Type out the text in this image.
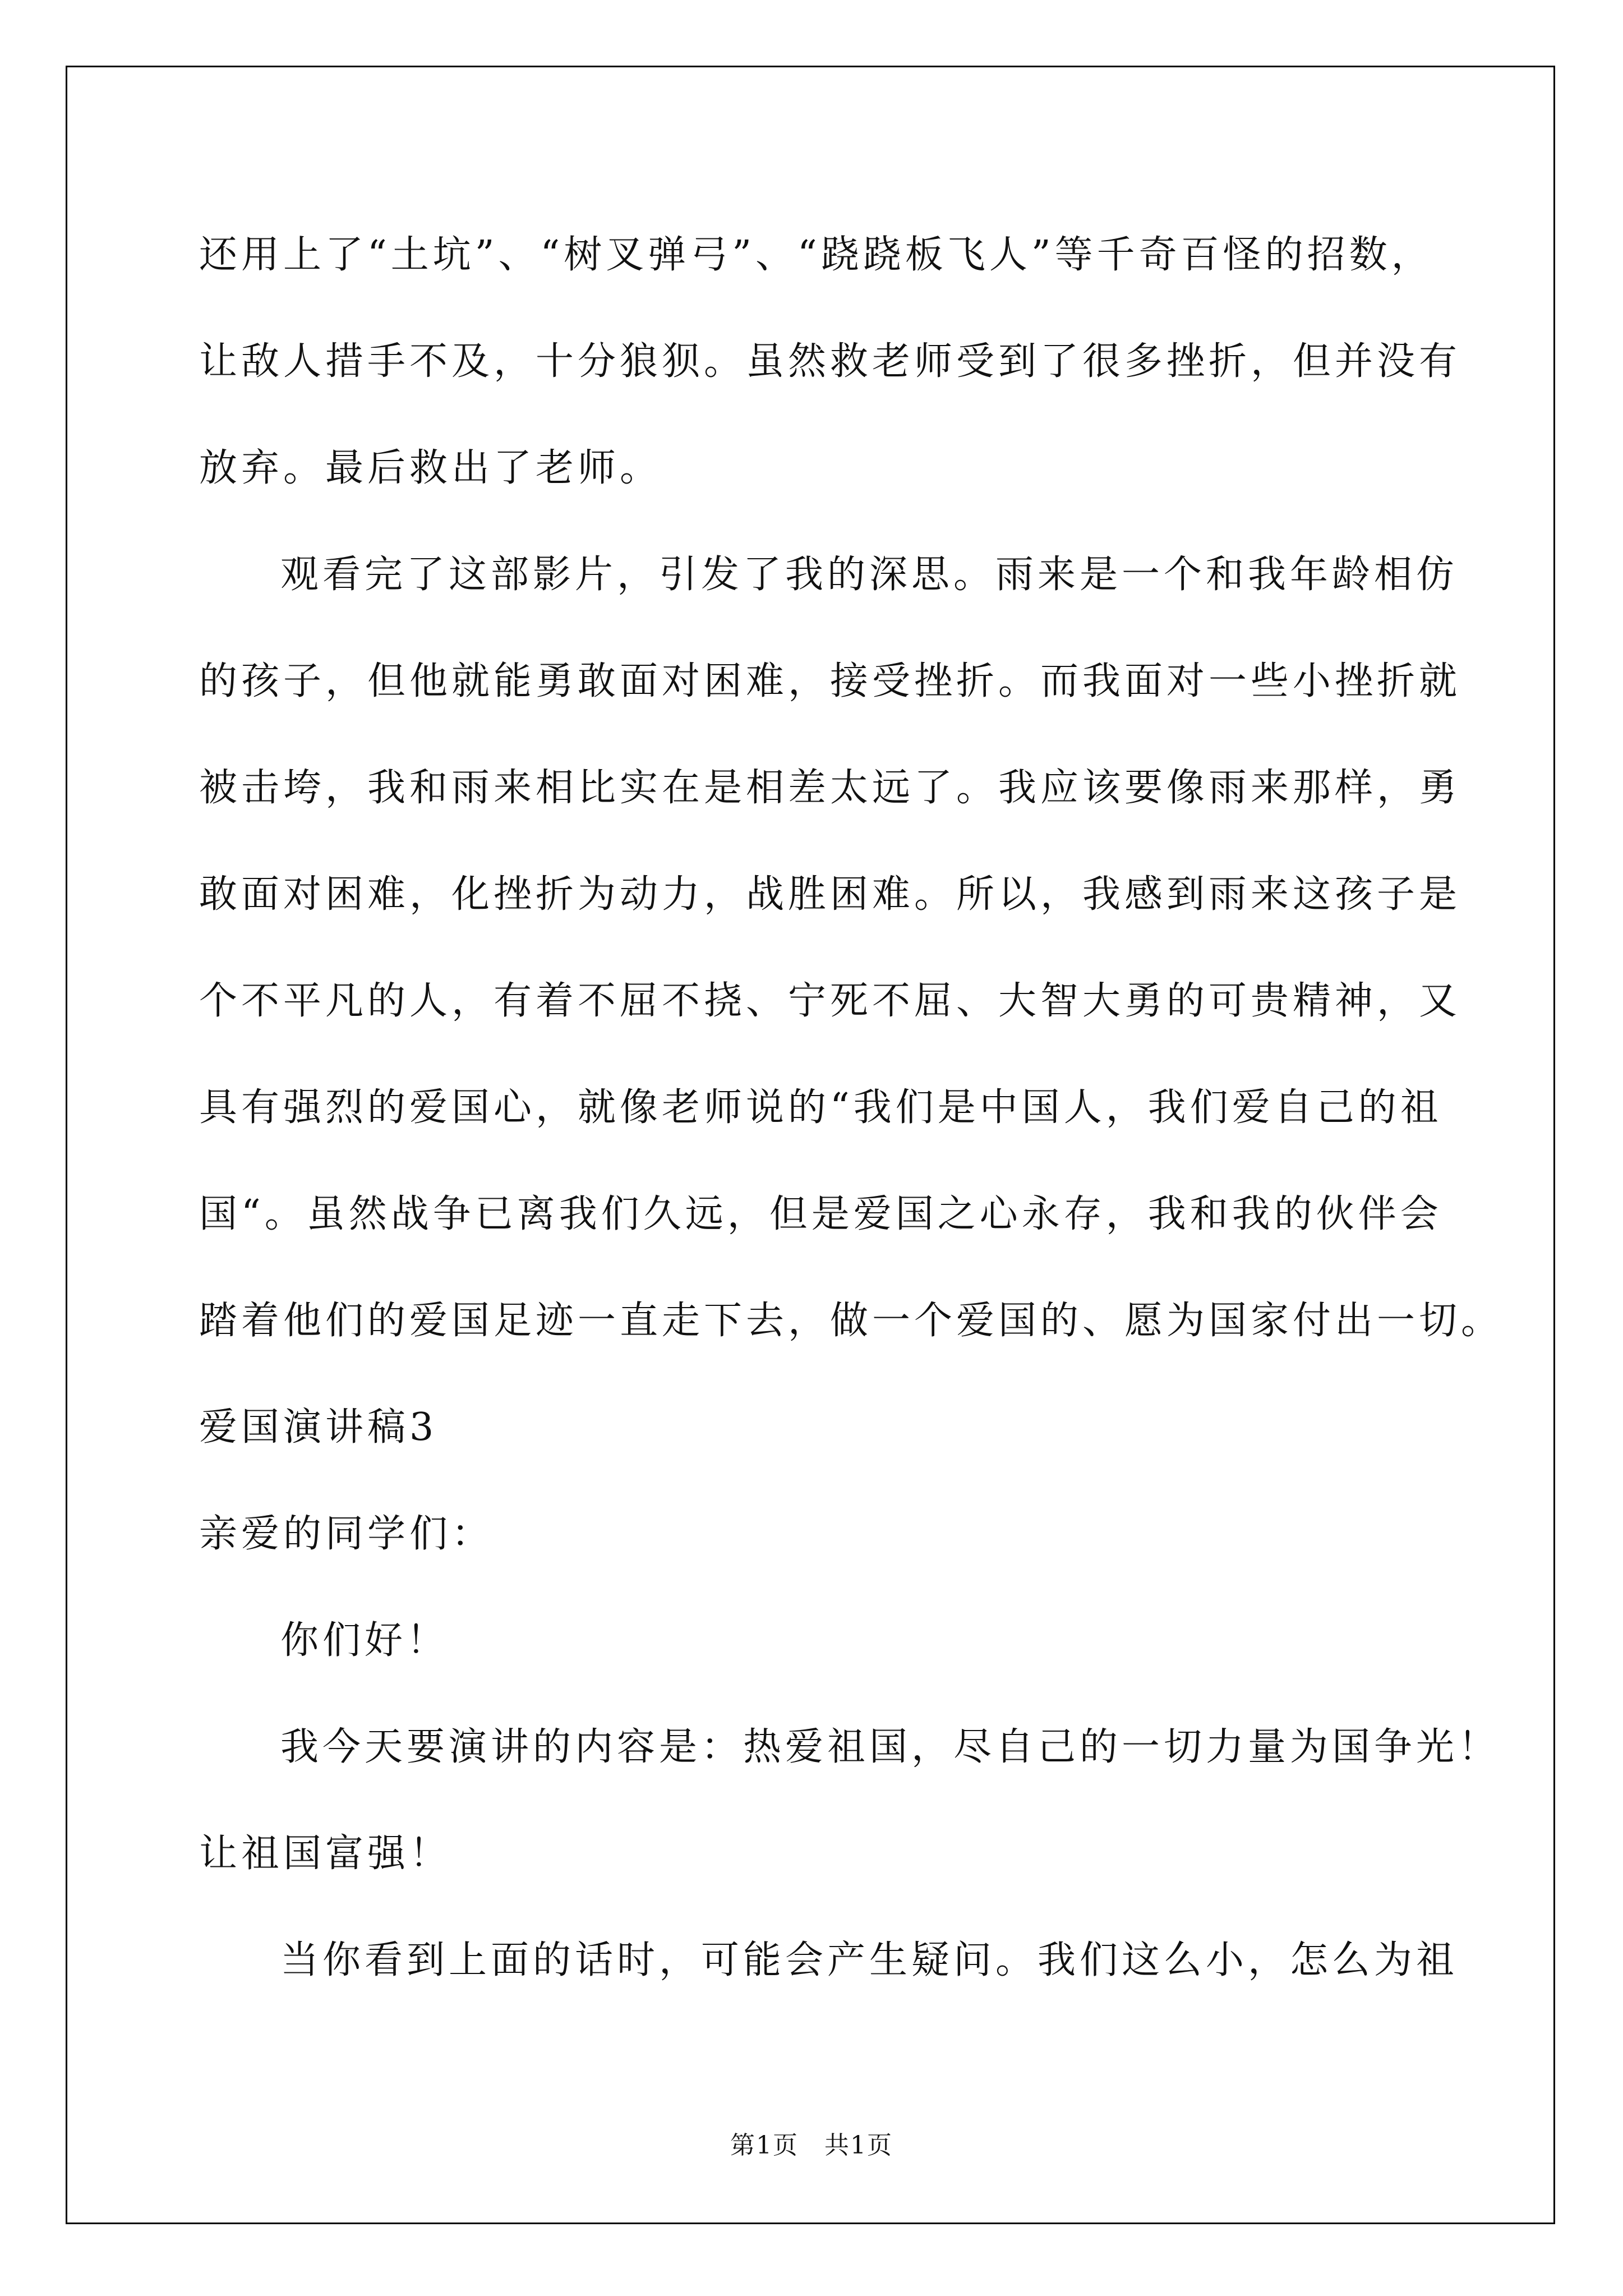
还用上了“土坑”、“树叉弹弓”、“跷跷板飞人”等千奇百怪的招数，
让敌人措手不及，十分狼狈。虽然救老师受到了很多挫折，但并没有
放弃。最后救出了老师。
观看完了这部影片，引发了我的深思。雨来是一个和我年龄相仿
的孩子，但他就能勇敢面对困难，接受挫折。而我面对一些小挫折就
被击垮，我和雨来相比实在是相差太远了。我应该要像雨来那样，勇
敢面对困难，化挫折为动力，战胜困难。所以，我感到雨来这孩子是
个不平凡的人，有着不屈不挠、宁死不屈、大智大勇的可贵精神，又
具有强烈的爱国心，就像老师说的“我们是中国人，我们爱自己的祖
国“。虽然战争已离我们久远，但是爱国之心永存，我和我的伙伴会
踏着他们的爱国足迹一直走下去，做一个爱国的、愿为国家付出一切。
爱国演讲稿3
亲爱的同学们：
你们好！
我今天要演讲的内容是：热爱祖国，尽自己的一切力量为国争光！
让祖国富强！
当你看到上面的话时，可能会产生疑问。我们这么小，怎么为祖
第1页　共1页
